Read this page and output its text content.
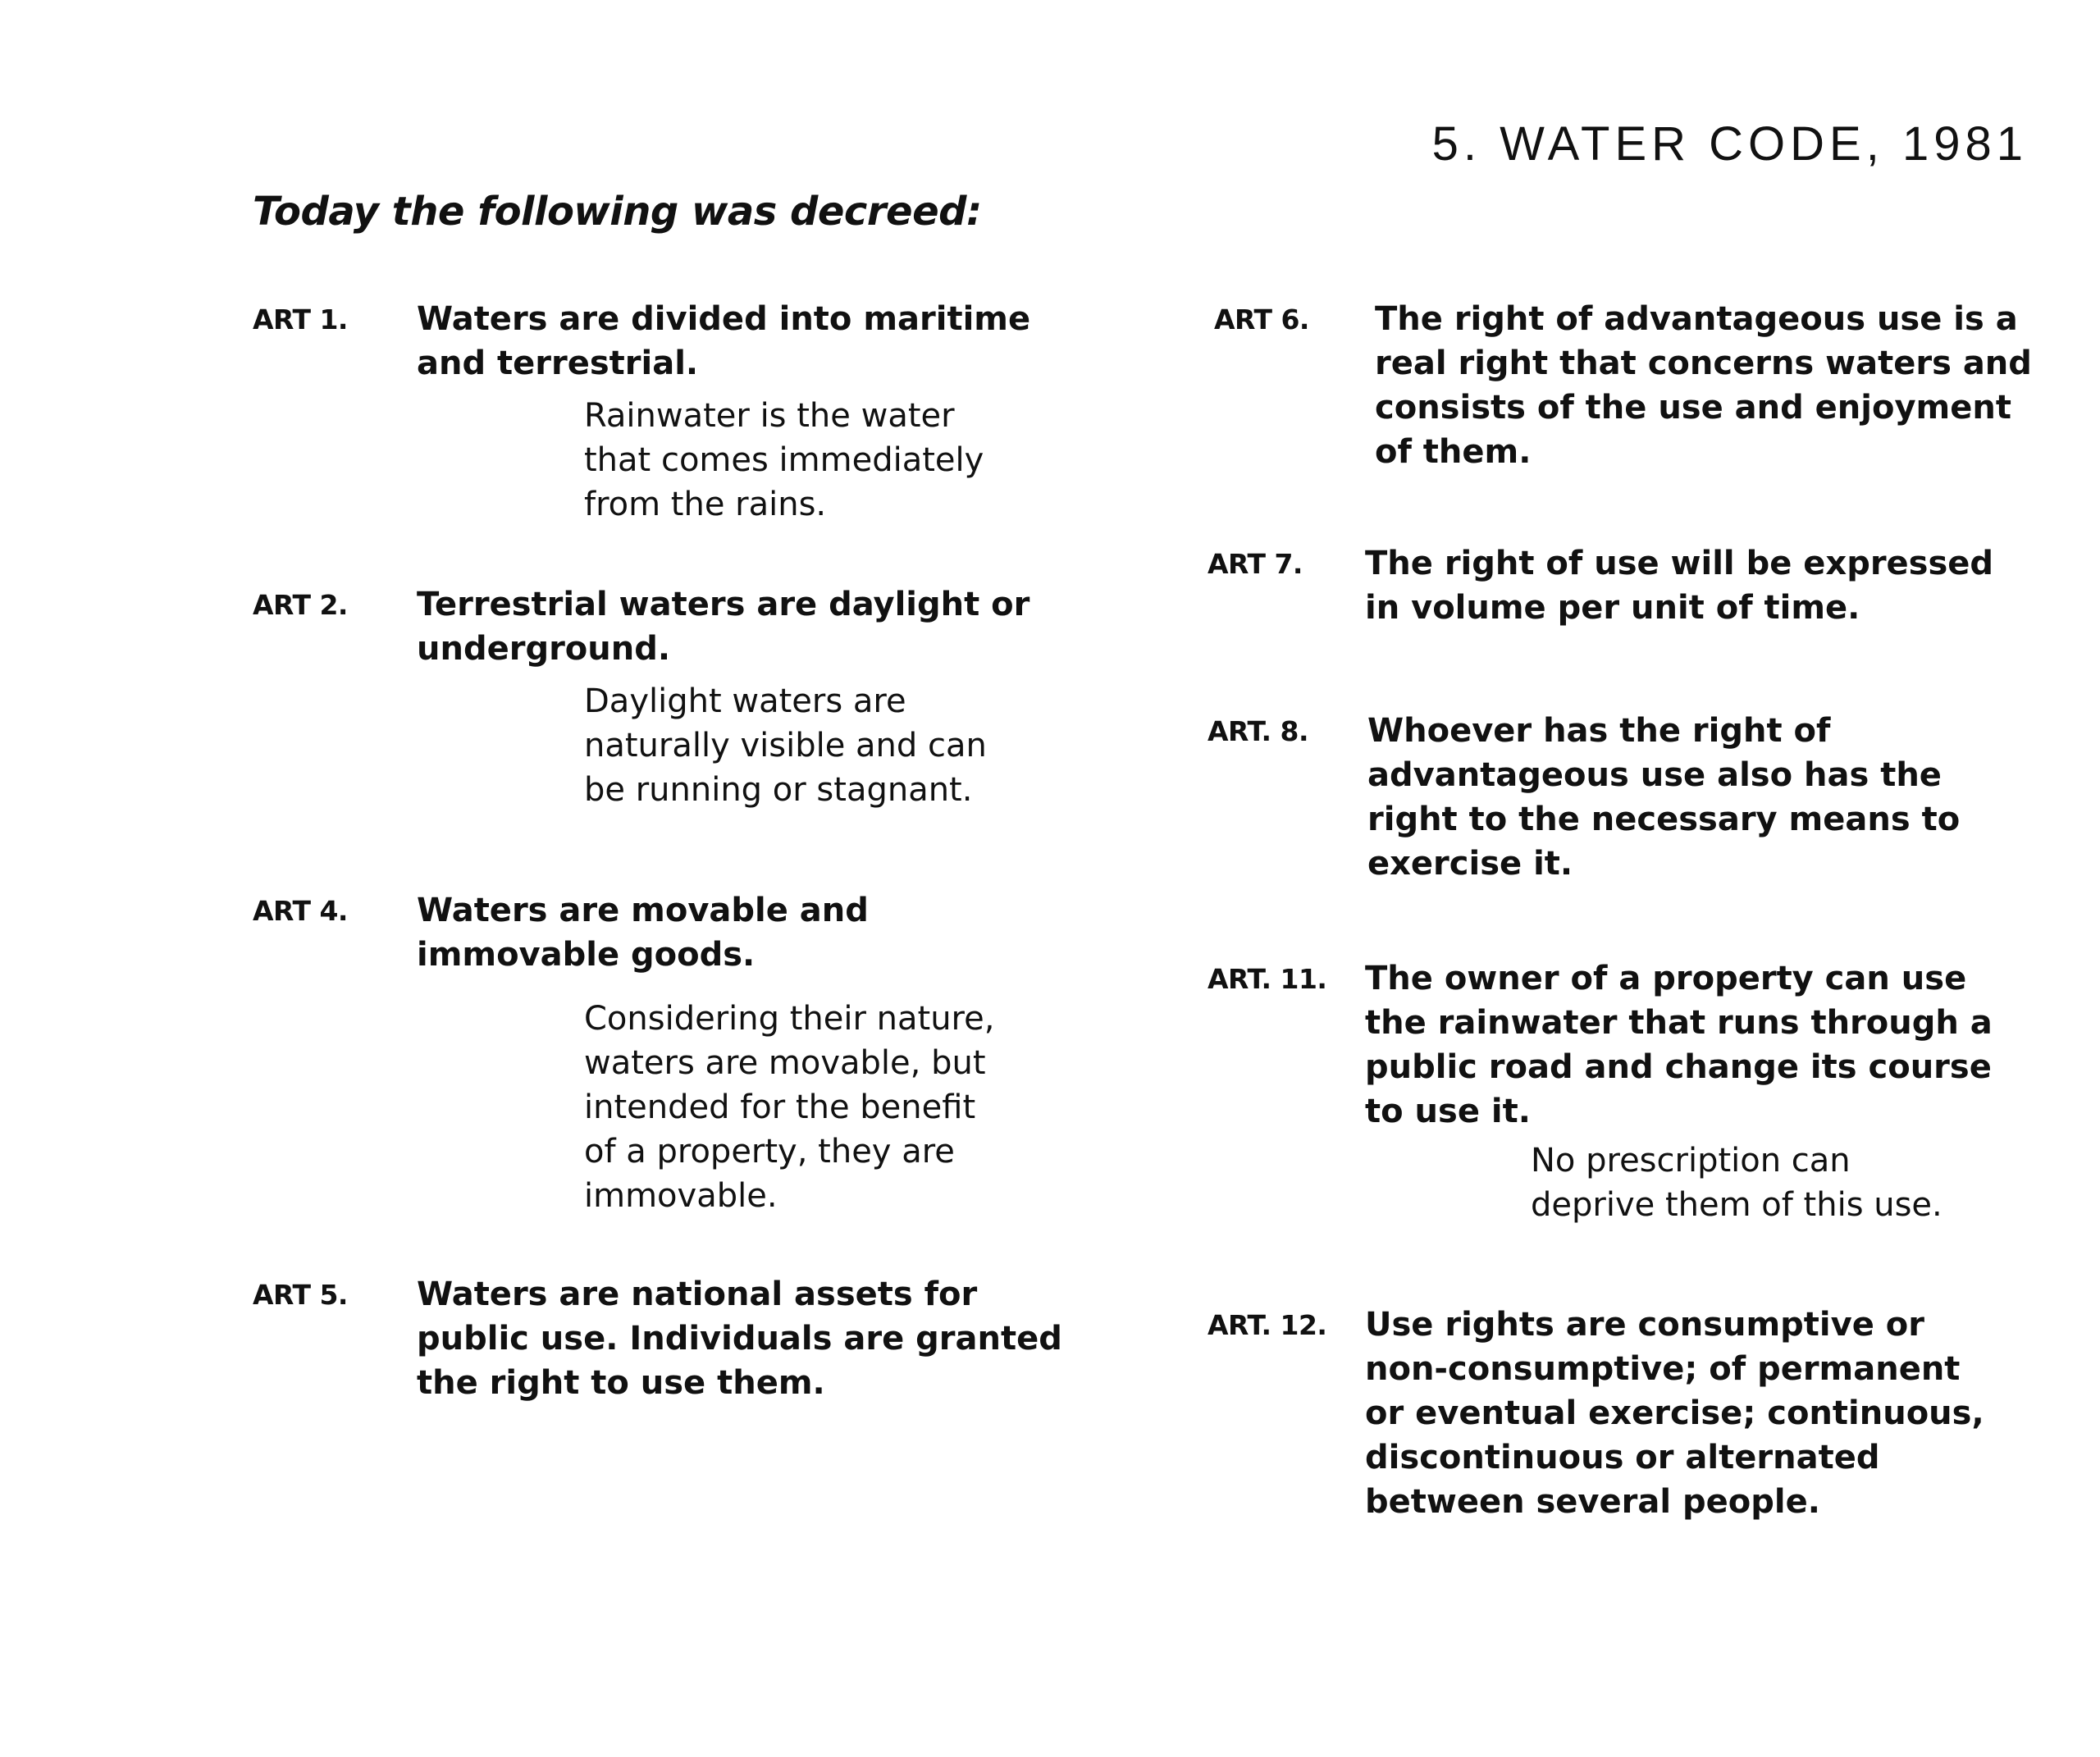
5. WATER CODE, 1981
Today the following was decreed:
ART 1. Waters are divided into maritime
and terrestrial.
Rainwater is the water
that comes immediately
from the rains.
ART 2. Terrestrial waters are daylight or
underground.
Daylight waters are
naturally visible and can
be running or stagnant.
ART 4. Waters are movable and
immovable goods.
Considering their nature,
waters are movable, but
intended for the benefit
of a property, they are
immovable.
ART 5. Waters are national assets for
public use. Individuals are granted
the right to use them.
ART 6. The right of advantageous use is a
real right that concerns waters and
consists of the use and enjoyment
of them.
ART 7. The right of use will be expressed
in volume per unit of time.
ART. 8. Whoever has the right of
advantageous use also has the
right to the necessary means to
exercise it.
ART. 11. The owner of a property can use
the rainwater that runs through a
public road and change its course
to use it.
No prescription can
deprive them of this use.
ART. 12. Use rights are consumptive or
non-consumptive; of permanent
or eventual exercise; continuous,
discontinuous or alternated
between several people.
